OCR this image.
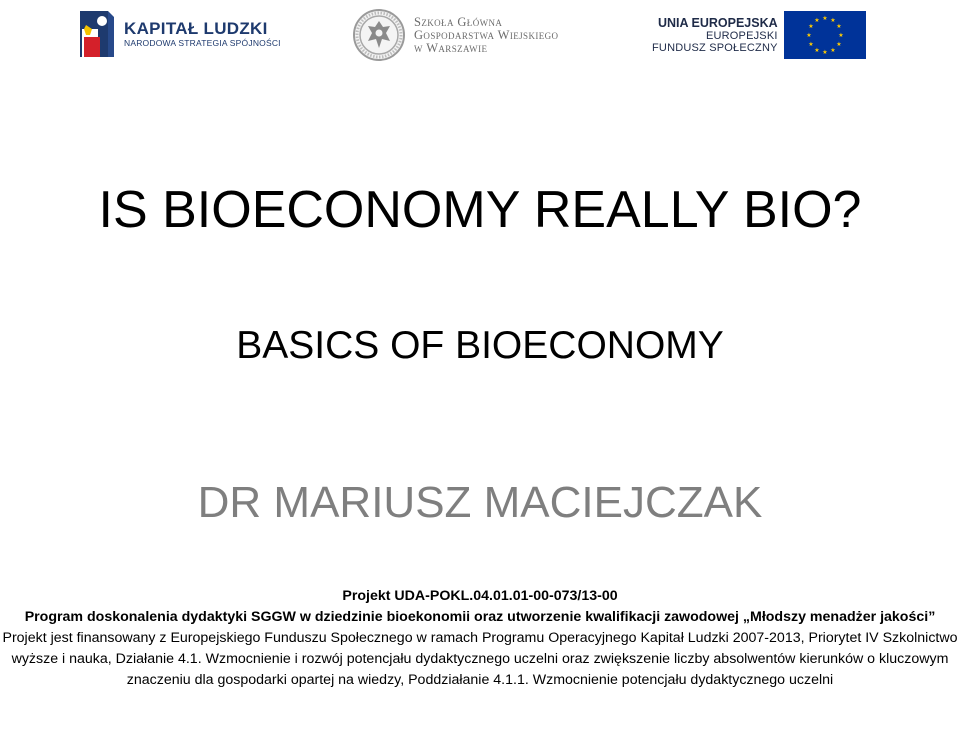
KAPITAŁ LUDZKI
NARODOWA STRATEGIA SPÓJNOŚCI
Szkoła Główna
Gospodarstwa Wiejskiego
w Warszawie
UNIA EUROPEJSKA
EUROPEJSKI
FUNDUSZ SPOŁECZNY
★ ★
★
★
★
★
★
★
★
★
★
★
IS BIOECONOMY REALLY BIO?
BASICS OF BIOECONOMY
DR MARIUSZ MACIEJCZAK
Projekt UDA-POKL.04.01.01-00-073/13-00
Program doskonalenia dydaktyki SGGW w dziedzinie bioekonomii oraz utworzenie kwalifikacji zawodowej „Młodszy menadżer jakości”
Projekt jest finansowany z Europejskiego Funduszu Społecznego w ramach Programu Operacyjnego Kapitał Ludzki 2007-2013, Priorytet IV Szkolnictwo wyższe i nauka, Działanie 4.1. Wzmocnienie i rozwój potencjału dydaktycznego uczelni oraz zwiększenie liczby absolwentów kierunków o kluczowym znaczeniu dla gospodarki opartej na wiedzy, Poddziałanie 4.1.1. Wzmocnienie potencjału dydaktycznego uczelni
